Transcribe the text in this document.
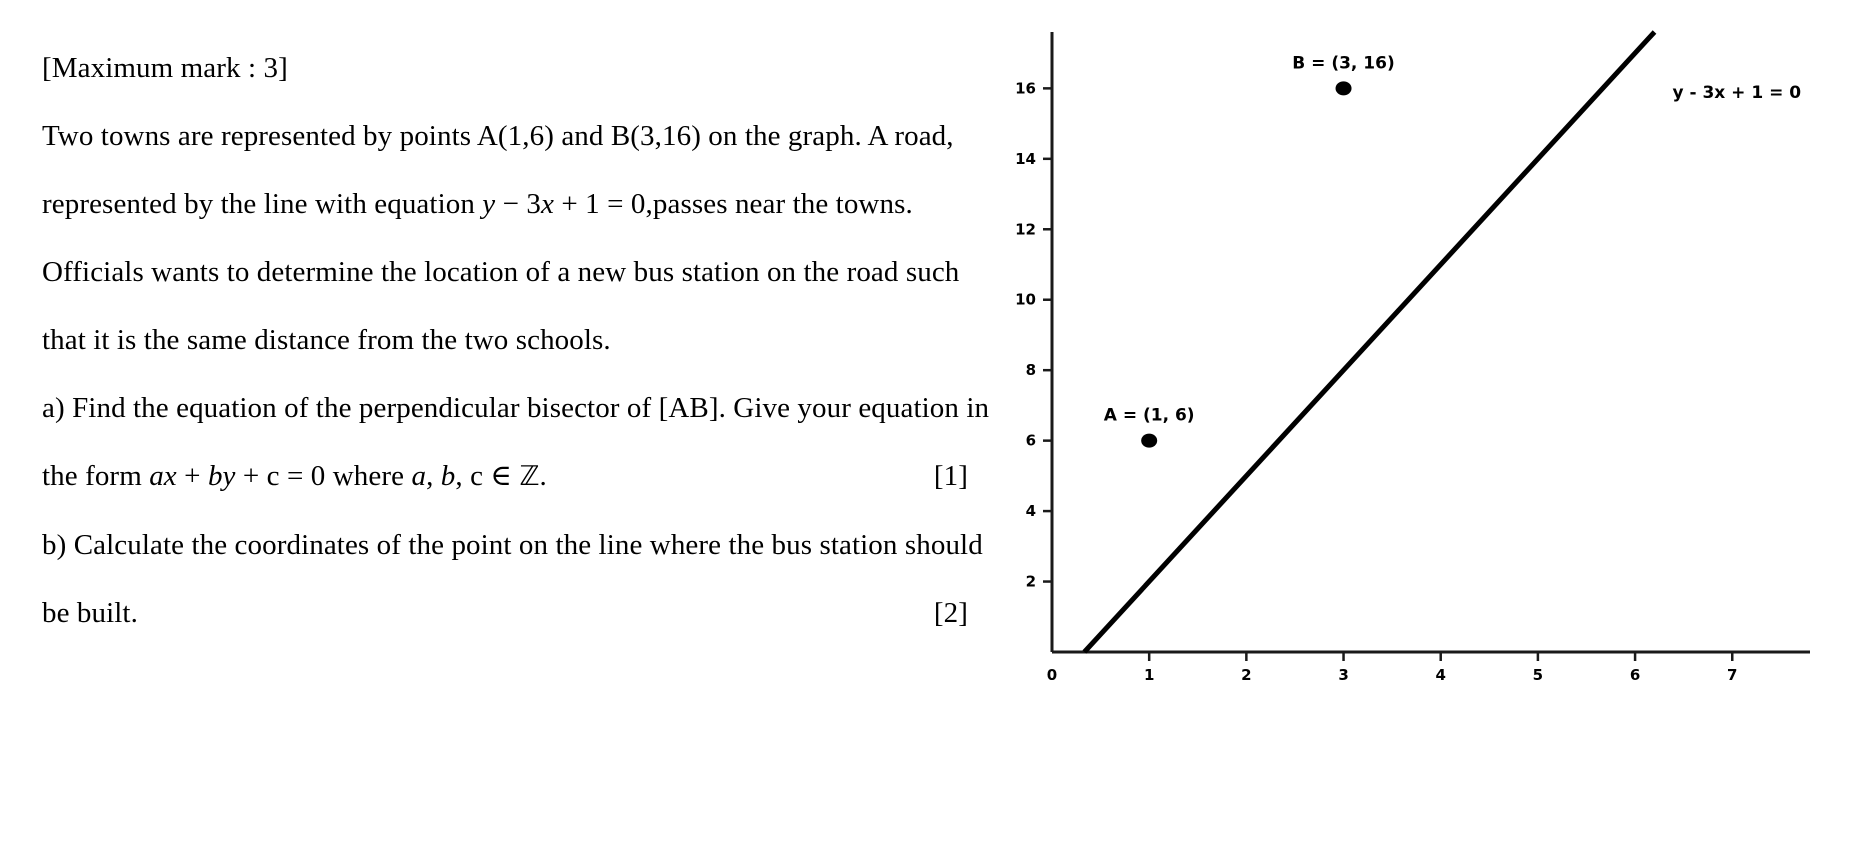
[Maximum mark : 3]
Two towns are represented by points A(1,6) and B(3,16) on the graph. A road,
represented by the line with equation y − 3x + 1 = 0,passes near the towns.
Officials wants to determine the location of a new bus station on the road such
that it is the same distance from the two schools.
a) Find the equation of the perpendicular bisector of [AB]. Give your equation in
the form ax + by + c = 0 where a, b, c ∈ ℤ.	[1]
b) Calculate the coordinates of the point on the line where the bus station should
be built.	[2]
2
4
6
8
10
12
14
16
0	1	2	3	4	5	6	7
y - 3x + 1 = 0
A = (1, 6)
B = (3, 16)
